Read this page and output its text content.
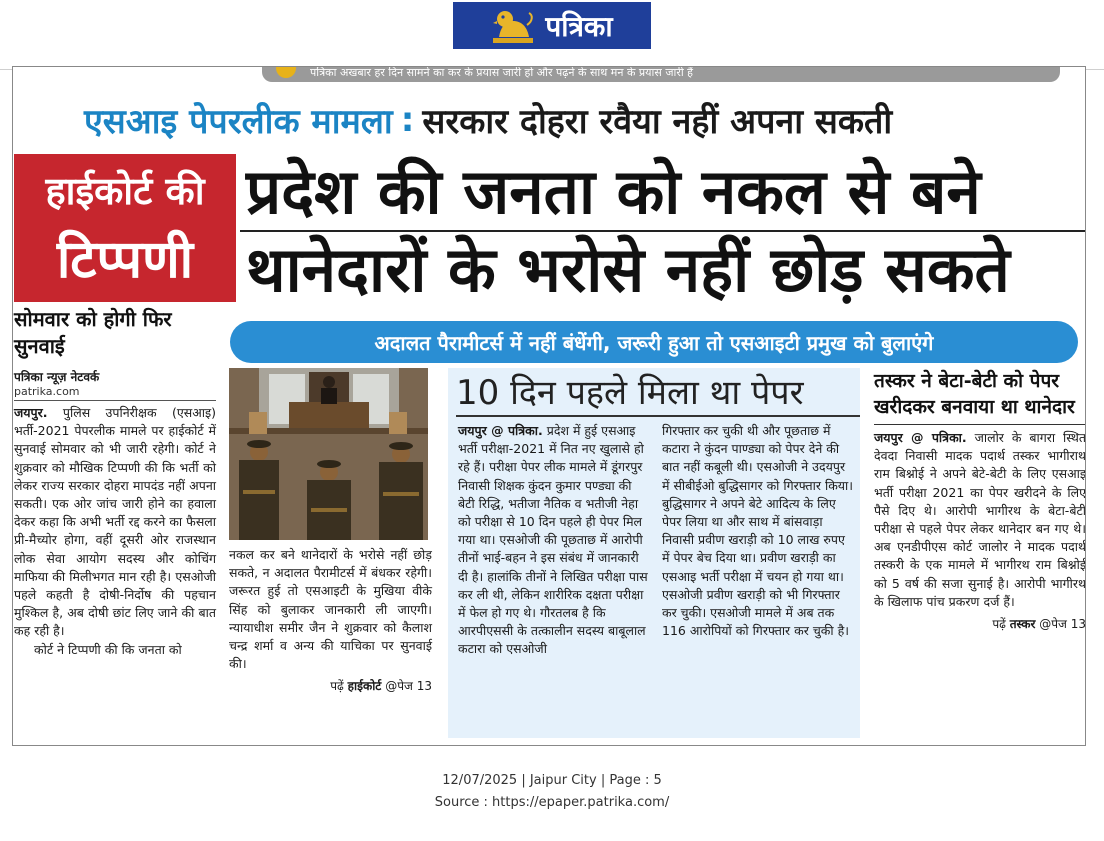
पत्रिका
पत्रिका अखबार हर दिन सामने का कर के प्रयास जारी हो और पढ़ने के साथ मन के प्रयास जारी हैं
एसआइ पेपरलीक मामला : सरकार दोहरा रवैया नहीं अपना सकती
हाईकोर्ट की
टिप्पणी
प्रदेश की जनता को नकल से बने
थानेदारों के भरोसे नहीं छोड़ सकते
सोमवार को होगी फिर सुनवाई
पत्रिका न्यूज़ नेटवर्क
patrika.com
जयपुर. पुलिस उपनिरीक्षक (एसआइ) भर्ती-2021 पेपरलीक मामले पर हाईकोर्ट में सुनवाई सोमवार को भी जारी रहेगी। कोर्ट ने शुक्रवार को मौखिक टिप्पणी की कि भर्ती को लेकर राज्य सरकार दोहरा मापदंड नहीं अपना सकती। एक ओर जांच जारी होने का हवाला देकर कहा कि अभी भर्ती रद्द करने का फैसला प्री-मैच्योर होगा, वहीं दूसरी ओर राजस्थान लोक सेवा आयोग सदस्य और कोचिंग माफिया की मिलीभगत मान रही है। एसओजी पहले कहती है दोषी-निर्दोष की पहचान मुश्किल है, अब दोषी छांट लिए जाने की बात कह रही है।
कोर्ट ने टिप्पणी की कि जनता को
अदालत पैरामीटर्स में नहीं बंधेंगी, जरूरी हुआ तो एसआइटी प्रमुख को बुलाएंगे
नकल कर बने थानेदारों के भरोसे नहीं छोड़ सकते, न अदालत पैरामीटर्स में बंधकर रहेगी। जरूरत हुई तो एसआइटी के मुखिया वीके सिंह को बुलाकर जानकारी ली जाएगी। न्यायाधीश समीर जैन ने शुक्रवार को कैलाश चन्द्र शर्मा व अन्य की याचिका पर सुनवाई की।
पढ़ें हाईकोर्ट @पेज 13
10 दिन पहले मिला था पेपर
जयपुर @ पत्रिका. प्रदेश में हुई एसआइ भर्ती परीक्षा-2021 में नित नए खुलासे हो रहे हैं। परीक्षा पेपर लीक मामले में डूंगरपुर निवासी शिक्षक कुंदन कुमार पण्ड्या की बेटी रिद्धि, भतीजा नैतिक व भतीजी नेहा को परीक्षा से 10 दिन पहले ही पेपर मिल गया था। एसओजी की पूछताछ में आरोपी तीनों भाई-बहन ने इस संबंध में जानकारी दी है। हालांकि तीनों ने लिखित परीक्षा पास कर ली थी, लेकिन शारीरिक दक्षता परीक्षा में फेल हो गए थे। गौरतलब है कि आरपीएससी के तत्कालीन सदस्य बाबूलाल कटारा को एसओजी
गिरफ्तार कर चुकी थी और पूछताछ में कटारा ने कुंदन पाण्ड्या को पेपर देने की बात नहीं कबूली थी। एसओजी ने उदयपुर में सीबीईओ बुद्धिसागर को गिरफ्तार किया। बुद्धिसागर ने अपने बेटे आदित्य के लिए पेपर लिया था और साथ में बांसवाड़ा निवासी प्रवीण खराड़ी को 10 लाख रुपए में पेपर बेच दिया था। प्रवीण खराड़ी का एसआइ भर्ती परीक्षा में चयन हो गया था। एसओजी प्रवीण खराड़ी को भी गिरफ्तार कर चुकी। एसओजी मामले में अब तक 116 आरोपियों को गिरफ्तार कर चुकी है।
तस्कर ने बेटा-बेटी को पेपर खरीदकर बनवाया था थानेदार
जयपुर @ पत्रिका. जालोर के बागरा स्थित देवदा निवासी मादक पदार्थ तस्कर भागीराथ राम बिश्नोई ने अपने बेटे-बेटी के लिए एसआइ भर्ती परीक्षा 2021 का पेपर खरीदने के लिए पैसे दिए थे। आरोपी भागीरथ के बेटा-बेटी परीक्षा से पहले पेपर लेकर थानेदार बन गए थे। अब एनडीपीएस कोर्ट जालोर ने मादक पदार्थ तस्करी के एक मामले में भागीरथ राम बिश्नोई को 5 वर्ष की सजा सुनाई है। आरोपी भागीरथ के खिलाफ पांच प्रकरण दर्ज हैं।
पढ़ें तस्कर @पेज 13
12/07/2025 | Jaipur City | Page : 5
Source : https://epaper.patrika.com/
